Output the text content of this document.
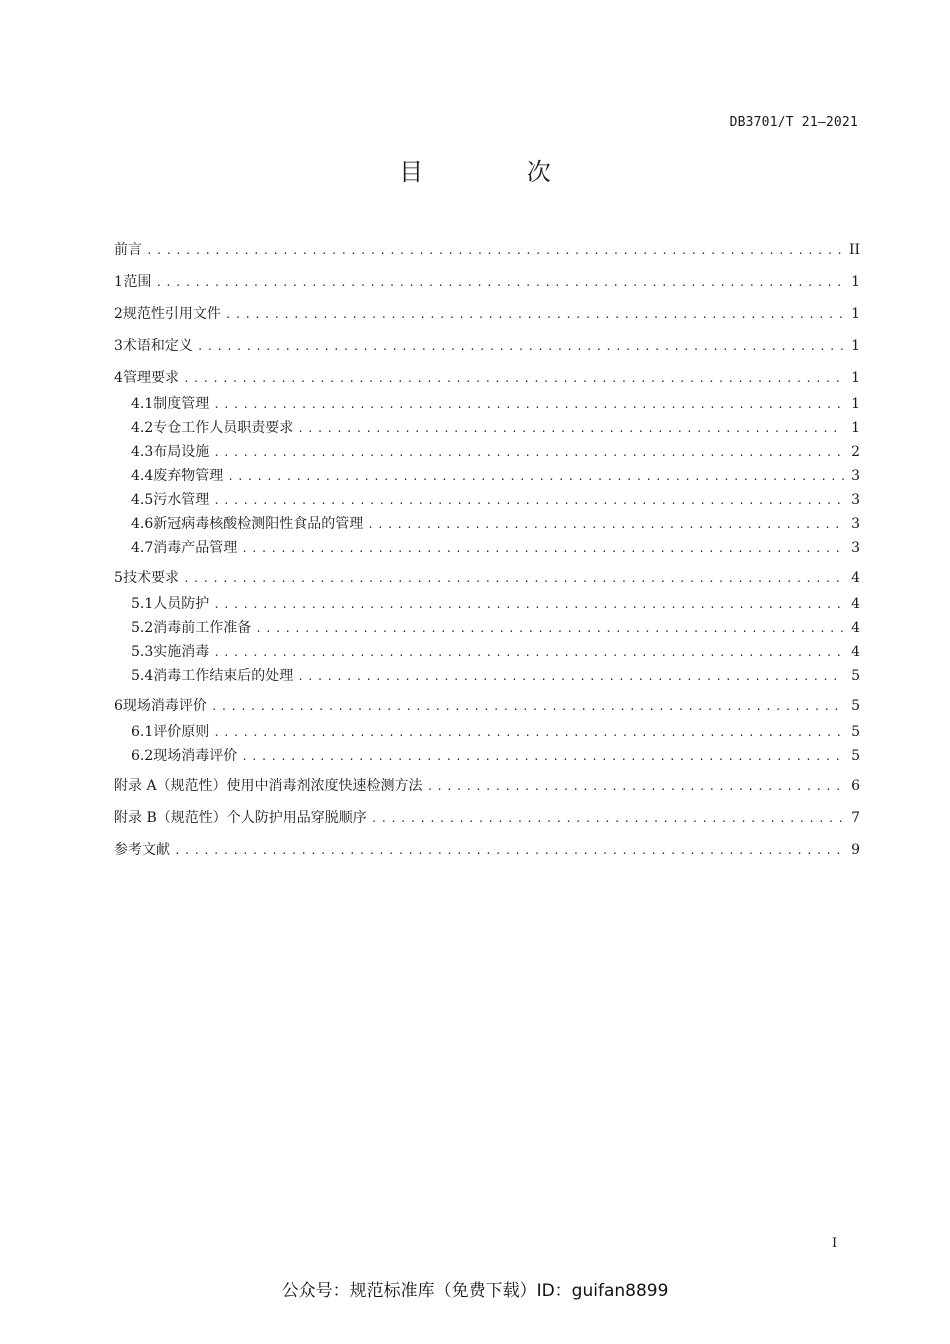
DB3701/T 21—2021
目 次
前言 .....	II
1 范围 .....	1
2 规范性引用文件 .....	1
3 术语和定义 .....	1
4 管理要求 .....	1
4.1 制度管理 .....	1
4.2 专仓工作人员职责要求 .....	1
4.3 布局设施 .....	2
4.4 废弃物管理 .....	3
4.5 污水管理 .....	3
4.6 新冠病毒核酸检测阳性食品的管理 .....	3
4.7 消毒产品管理 .....	3
5 技术要求 .....	4
5.1 人员防护 .....	4
5.2 消毒前工作准备 .....	4
5.3 实施消毒 .....	4
5.4 消毒工作结束后的处理 .....	5
6 现场消毒评价 .....	5
6.1 评价原则 .....	5
6.2 现场消毒评价 .....	5
附录 A（规范性）使用中消毒剂浓度快速检测方法 .....	6
附录 B（规范性）个人防护用品穿脱顺序 .....	7
参考文献 .....	9
I
公众号：规范标准库（免费下载）ID：guifan8899
